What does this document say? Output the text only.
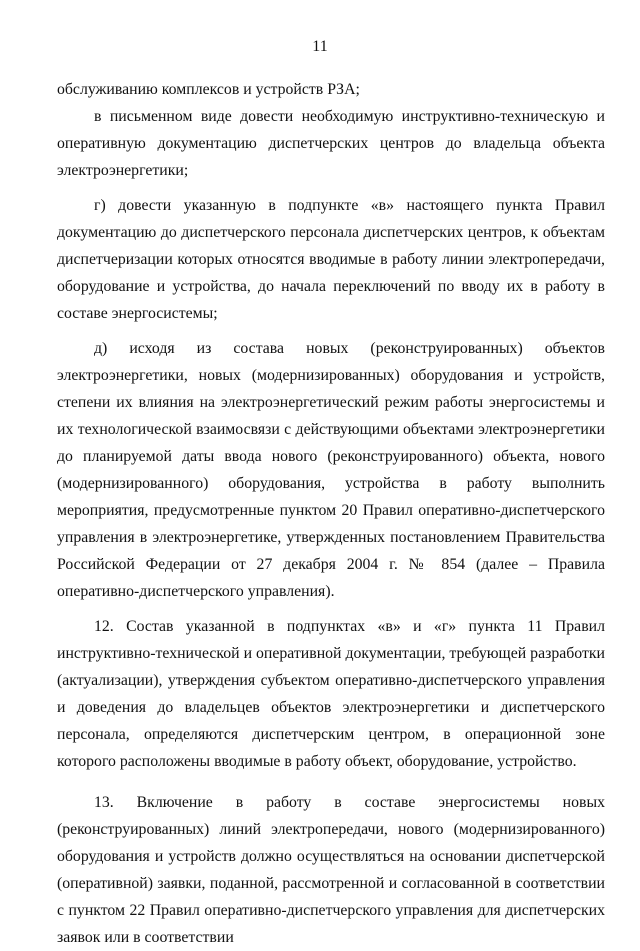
11

обслуживанию комплексов и устройств РЗА;

в письменном виде довести необходимую инструктивно-техническую и оперативную документацию диспетчерских центров до владельца объекта электроэнергетики;

г) довести указанную в подпункте «в» настоящего пункта Правил документацию до диспетчерского персонала диспетчерских центров, к объектам диспетчеризации которых относятся вводимые в работу линии электропередачи, оборудование и устройства, до начала переключений по вводу их в работу в составе энергосистемы;

д) исходя из состава новых (реконструированных) объектов электроэнергетики, новых (модернизированных) оборудования и устройств, степени их влияния на электроэнергетический режим работы энергосистемы и их технологической взаимосвязи с действующими объектами электроэнергетики до планируемой даты ввода нового (реконструированного) объекта, нового (модернизированного) оборудования, устройства в работу выполнить мероприятия, предусмотренные пунктом 20 Правил оперативно-диспетчерского управления в электроэнергетике, утвержденных постановлением Правительства Российской Федерации от 27 декабря 2004 г. № 854 (далее – Правила оперативно-диспетчерского управления).

12. Состав указанной в подпунктах «в» и «г» пункта 11 Правил инструктивно-технической и оперативной документации, требующей разработки (актуализации), утверждения субъектом оперативно-диспетчерского управления и доведения до владельцев объектов электроэнергетики и диспетчерского персонала, определяются диспетчерским центром, в операционной зоне которого расположены вводимые в работу объект, оборудование, устройство.

13. Включение в работу в составе энергосистемы новых (реконструированных) линий электропередачи, нового (модернизированного) оборудования и устройств должно осуществляться на основании диспетчерской (оперативной) заявки, поданной, рассмотренной и согласованной в соответствии с пунктом 22 Правил оперативно-диспетчерского управления для диспетчерских заявок или в соответствии
